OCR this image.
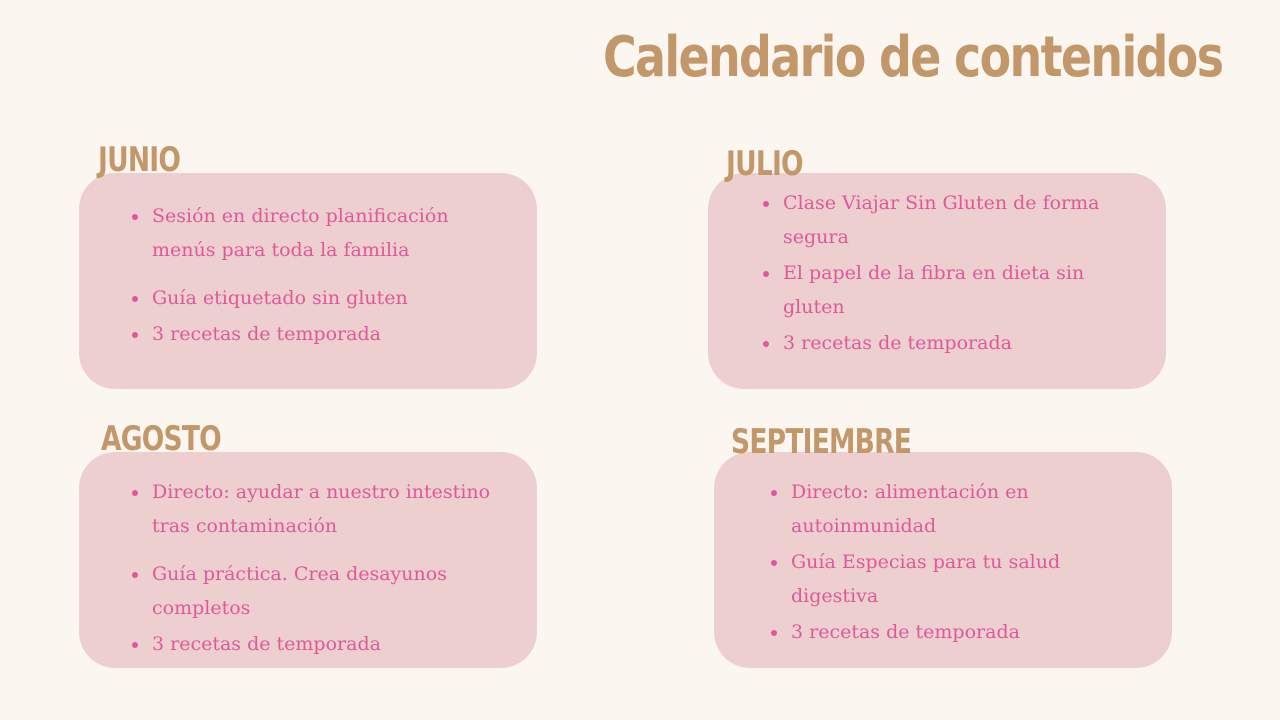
Calendario de contenidos
JUNIO
Sesión en directo planificación menús para toda la familia
Guía etiquetado sin gluten
3 recetas de temporada
JULIO
Clase Viajar Sin Gluten de forma segura
El papel de la fibra en dieta sin gluten
3 recetas de temporada
AGOSTO
Directo: ayudar a nuestro intestino tras contaminación
Guía práctica. Crea desayunos completos
3 recetas de temporada
SEPTIEMBRE
Directo: alimentación en autoinmunidad
Guía Especias para tu salud digestiva
3 recetas de temporada
